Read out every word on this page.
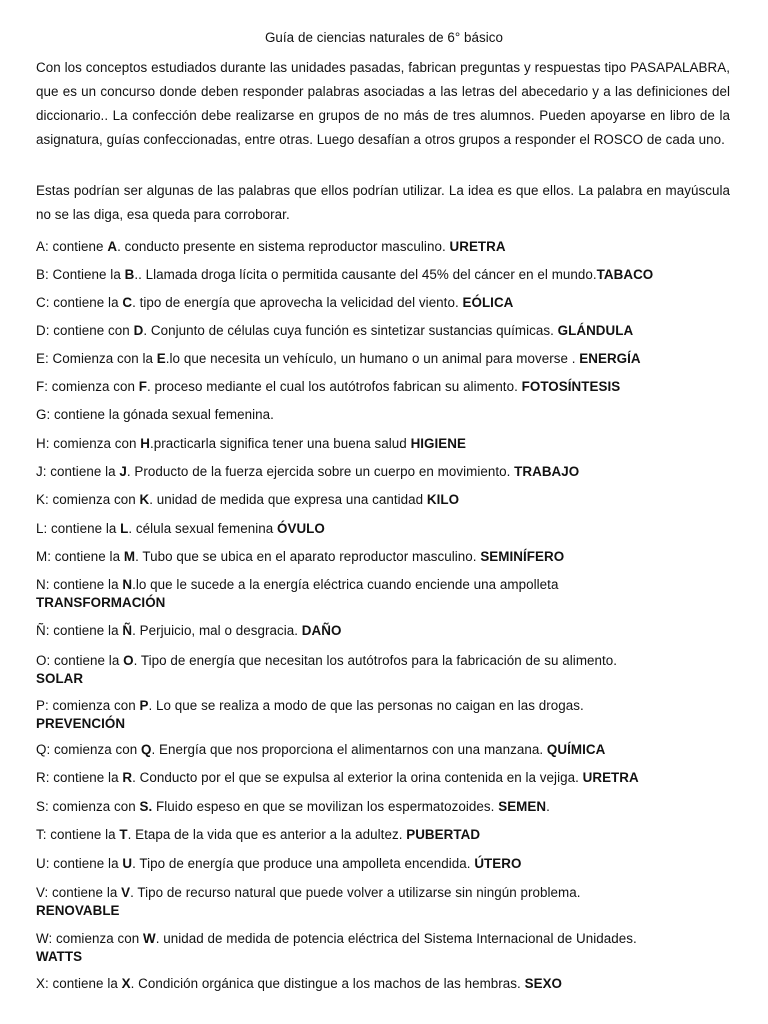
Guía de ciencias naturales de 6° básico
Con los conceptos estudiados durante las unidades pasadas, fabrican preguntas y respuestas tipo PASAPALABRA, que es un concurso donde deben responder palabras asociadas a las letras del abecedario y a las definiciones del diccionario.. La confección debe realizarse en grupos de no más de tres alumnos. Pueden apoyarse en libro de la asignatura, guías confeccionadas, entre otras. Luego desafían a otros grupos a responder el ROSCO de cada uno.
Estas podrían ser algunas de las palabras que ellos podrían utilizar. La idea es que ellos. La palabra en mayúscula no se las diga, esa queda para corroborar.
A: contiene A. conducto presente en sistema reproductor masculino. URETRA
B: Contiene la B.. Llamada droga lícita o permitida causante del 45% del cáncer en el mundo.TABACO
C: contiene la C. tipo de energía que aprovecha la velicidad del viento. EÓLICA
D: contiene con D. Conjunto de células cuya función es sintetizar sustancias químicas. GLÁNDULA
E: Comienza con la E.lo que necesita un vehículo, un humano o un animal para moverse . ENERGÍA
F: comienza con F. proceso mediante el cual los autótrofos fabrican su alimento. FOTOSÍNTESIS
G: contiene la gónada sexual femenina.
H: comienza con H.practicarla significa tener una buena salud HIGIENE
J: contiene la J. Producto de la fuerza ejercida sobre un cuerpo en movimiento. TRABAJO
K: comienza con K. unidad de medida que expresa una cantidad KILO
L: contiene la L. célula sexual femenina ÓVULO
M: contiene la M. Tubo que se ubica en el aparato reproductor masculino. SEMINÍFERO
N: contiene la N.lo que le sucede a la energía eléctrica cuando enciende una ampolleta
TRANSFORMACIÓN
Ñ: contiene la Ñ. Perjuicio, mal o desgracia. DAÑO
O: contiene la O. Tipo de energía que necesitan los autótrofos para la fabricación de su alimento.
SOLAR
P: comienza con P. Lo que se realiza a modo de que las personas no caigan en las drogas.
PREVENCIÓN
Q: comienza con Q. Energía que nos proporciona el alimentarnos con una manzana. QUÍMICA
R: contiene la R. Conducto por el que se expulsa al exterior la orina contenida en la vejiga. URETRA
S: comienza con S. Fluido espeso en que se movilizan los espermatozoides. SEMEN.
T: contiene la T. Etapa de la vida que es anterior a la adultez. PUBERTAD
U: contiene la U. Tipo de energía que produce una ampolleta encendida. ÚTERO
V: contiene la V. Tipo de recurso natural que puede volver a utilizarse sin ningún problema.
RENOVABLE
W: comienza con W. unidad de medida de potencia eléctrica del Sistema Internacional de Unidades.
WATTS
X: contiene la X. Condición orgánica que distingue a los machos de las hembras. SEXO
